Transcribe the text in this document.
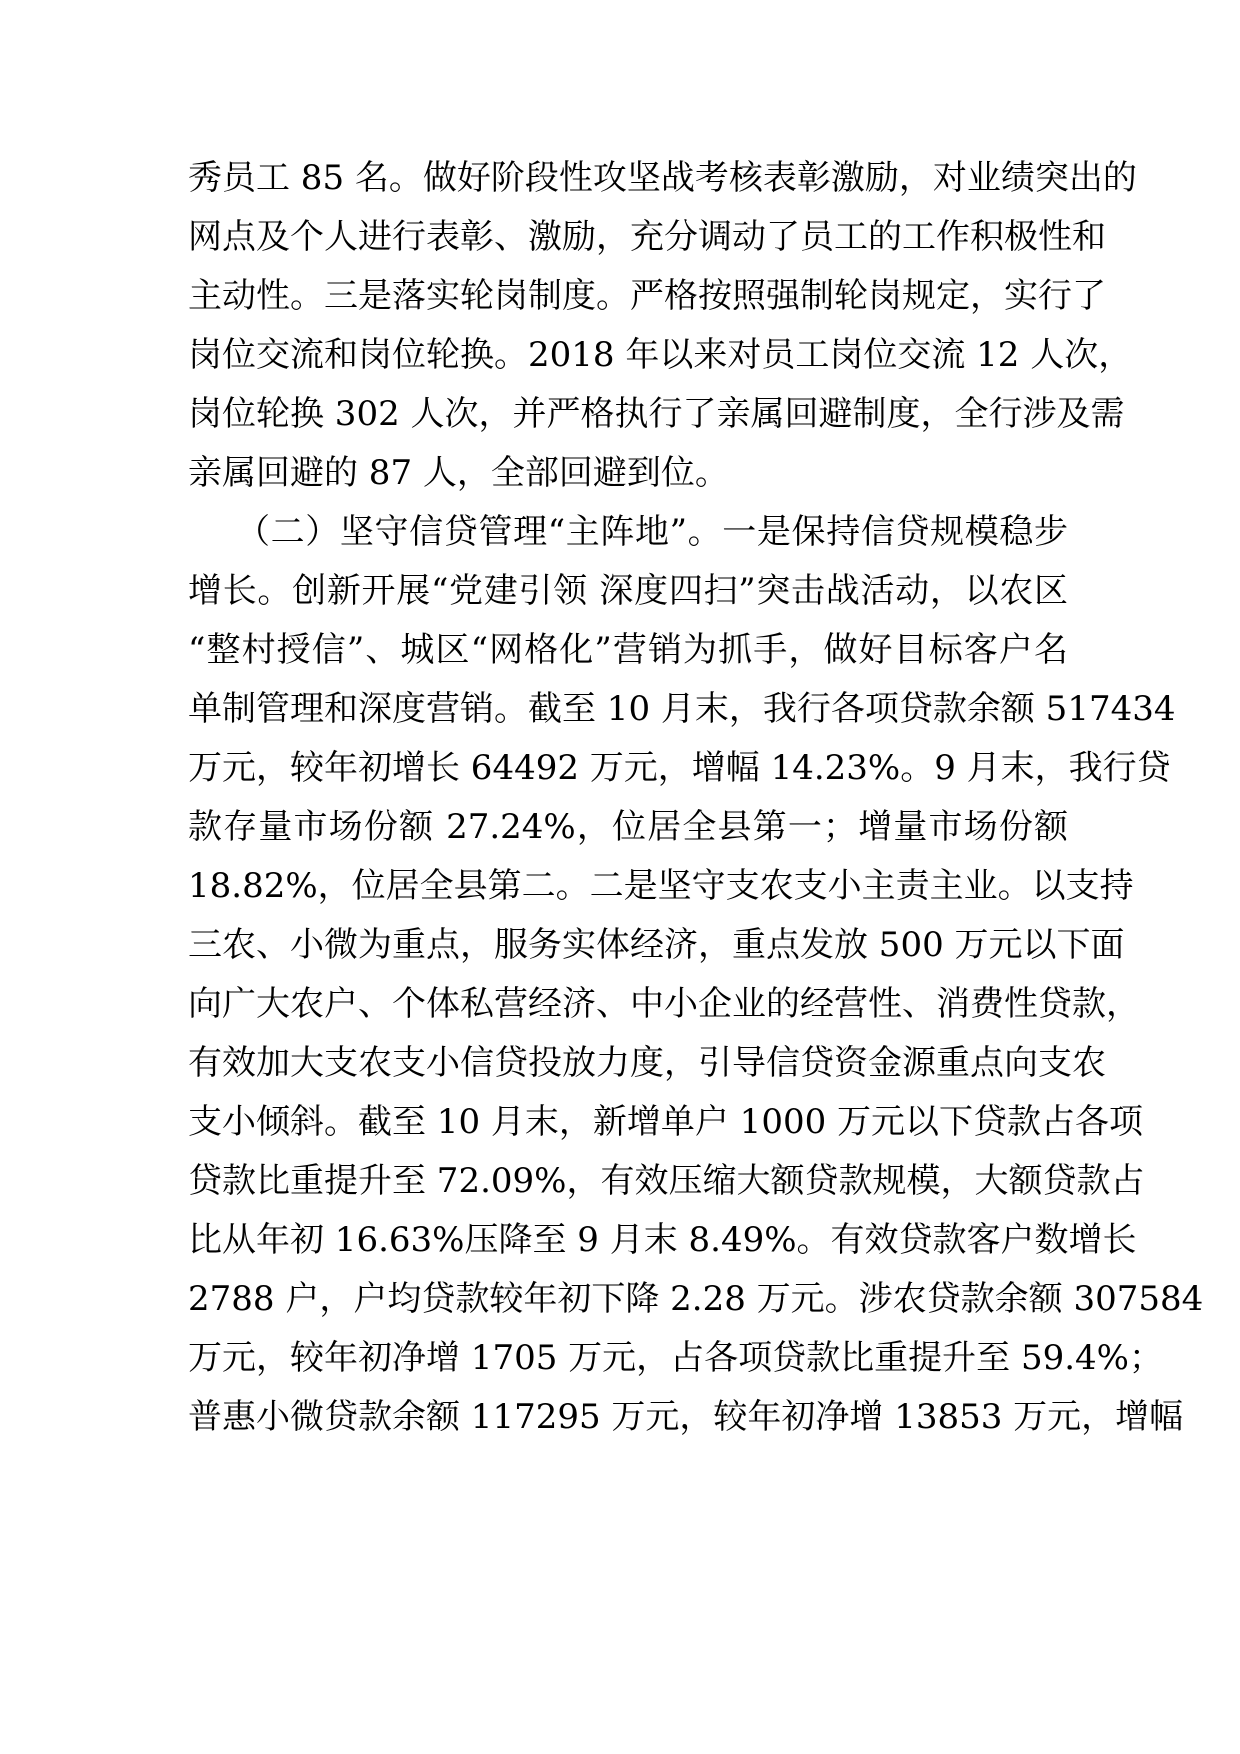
秀员工 85 名。做好阶段性攻坚战考核表彰激励，对业绩突出的
网点及个人进行表彰、激励，充分调动了员工的工作积极性和
主动性。三是落实轮岗制度。严格按照强制轮岗规定，实行了
岗位交流和岗位轮换。2018 年以来对员工岗位交流 12 人次，
岗位轮换 302 人次，并严格执行了亲属回避制度，全行涉及需
亲属回避的 87 人，全部回避到位。
（二）坚守信贷管理“主阵地”。一是保持信贷规模稳步
增长。创新开展“党建引领 深度四扫”突击战活动，以农区
“整村授信”、城区“网格化”营销为抓手，做好目标客户名
单制管理和深度营销。截至 10 月末，我行各项贷款余额 517434
万元，较年初增长 64492 万元，增幅 14.23%。9 月末，我行贷
款存量市场份额 27.24%，位居全县第一；增量市场份额
18.82%，位居全县第二。二是坚守支农支小主责主业。以支持
三农、小微为重点，服务实体经济，重点发放 500 万元以下面
向广大农户、个体私营经济、中小企业的经营性、消费性贷款，
有效加大支农支小信贷投放力度，引导信贷资金源重点向支农
支小倾斜。截至 10 月末，新增单户 1000 万元以下贷款占各项
贷款比重提升至 72.09%，有效压缩大额贷款规模，大额贷款占
比从年初 16.63%压降至 9 月末 8.49%。有效贷款客户数增长
2788 户，户均贷款较年初下降 2.28 万元。涉农贷款余额 307584
万元，较年初净增 1705 万元，占各项贷款比重提升至 59.4%；
普惠小微贷款余额 117295 万元，较年初净增 13853 万元，增幅
